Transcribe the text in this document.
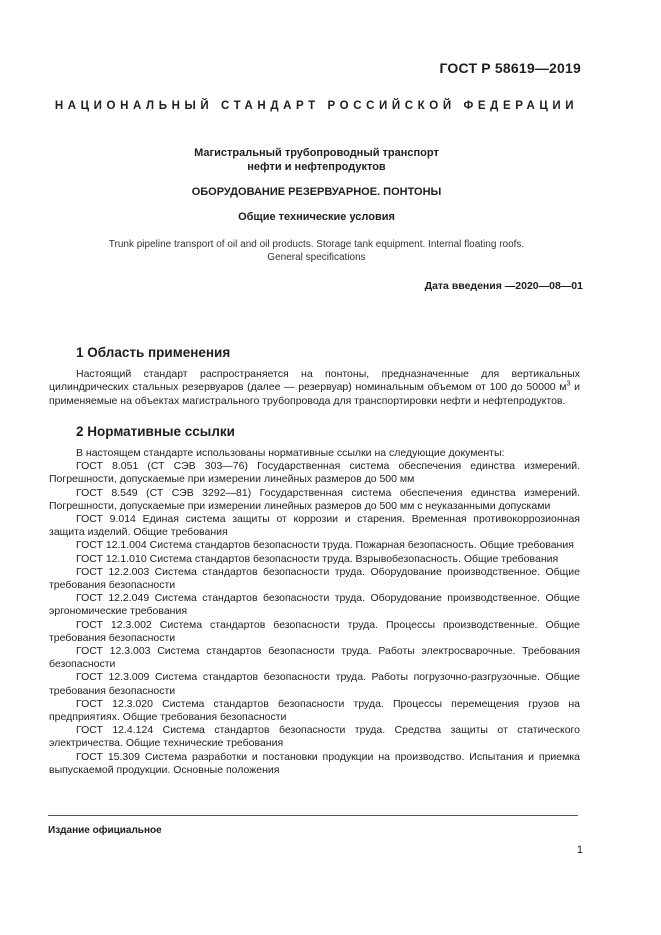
ГОСТ Р 58619—2019
НАЦИОНАЛЬНЫЙ СТАНДАРТ РОССИЙСКОЙ ФЕДЕРАЦИИ
Магистральный трубопроводный транспорт
нефти и нефтепродуктов
ОБОРУДОВАНИЕ РЕЗЕРВУАРНОЕ. ПОНТОНЫ
Общие технические условия
Trunk pipeline transport of oil and oil products. Storage tank equipment. Internal floating roofs.
General specifications
Дата введения —2020—08—01
1 Область применения

Настоящий стандарт распространяется на понтоны, предназначенные для вертикальных цилиндрических стальных резервуаров (далее — резервуар) номинальным объемом от 100 до 50000 $м^3$ и применяемые на объектах магистрального трубопровода для транспортировки нефти и нефтепродуктов.

2 Нормативные ссылки

В настоящем стандарте использованы нормативные ссылки на следующие документы:

ГОСТ 8.051 (СТ СЭВ 303—76) Государственная система обеспечения единства измерений. Погрешности, допускаемые при измерении линейных размеров до 500 мм

ГОСТ 8.549 (СТ СЭВ 3292—81) Государственная система обеспечения единства измерений. Погрешности, допускаемые при измерении линейных размеров до 500 мм с неуказанными допусками

ГОСТ 9.014 Единая система защиты от коррозии и старения. Временная противокоррозионная защита изделий. Общие требования

ГОСТ 12.1.004 Система стандартов безопасности труда. Пожарная безопасность. Общие требования

ГОСТ 12.1.010 Система стандартов безопасности труда. Взрывобезопасность. Общие требования

ГОСТ 12.2.003 Система стандартов безопасности труда. Оборудование производственное. Общие требования безопасности

ГОСТ 12.2.049 Система стандартов безопасности труда. Оборудование производственное. Общие эргономические требования

ГОСТ 12.3.002 Система стандартов безопасности труда. Процессы производственные. Общие требования безопасности

ГОСТ 12.3.003 Система стандартов безопасности труда. Работы электросварочные. Требования безопасности

ГОСТ 12.3.009 Система стандартов безопасности труда. Работы погрузочно-разгрузочные. Общие требования безопасности

ГОСТ 12.3.020 Система стандартов безопасности труда. Процессы перемещения грузов на предприятиях. Общие требования безопасности

ГОСТ 12.4.124 Система стандартов безопасности труда. Средства защиты от статического электричества. Общие технические требования

ГОСТ 15.309 Система разработки и постановки продукции на производство. Испытания и приемка выпускаемой продукции. Основные положения

Издание официальное
1
